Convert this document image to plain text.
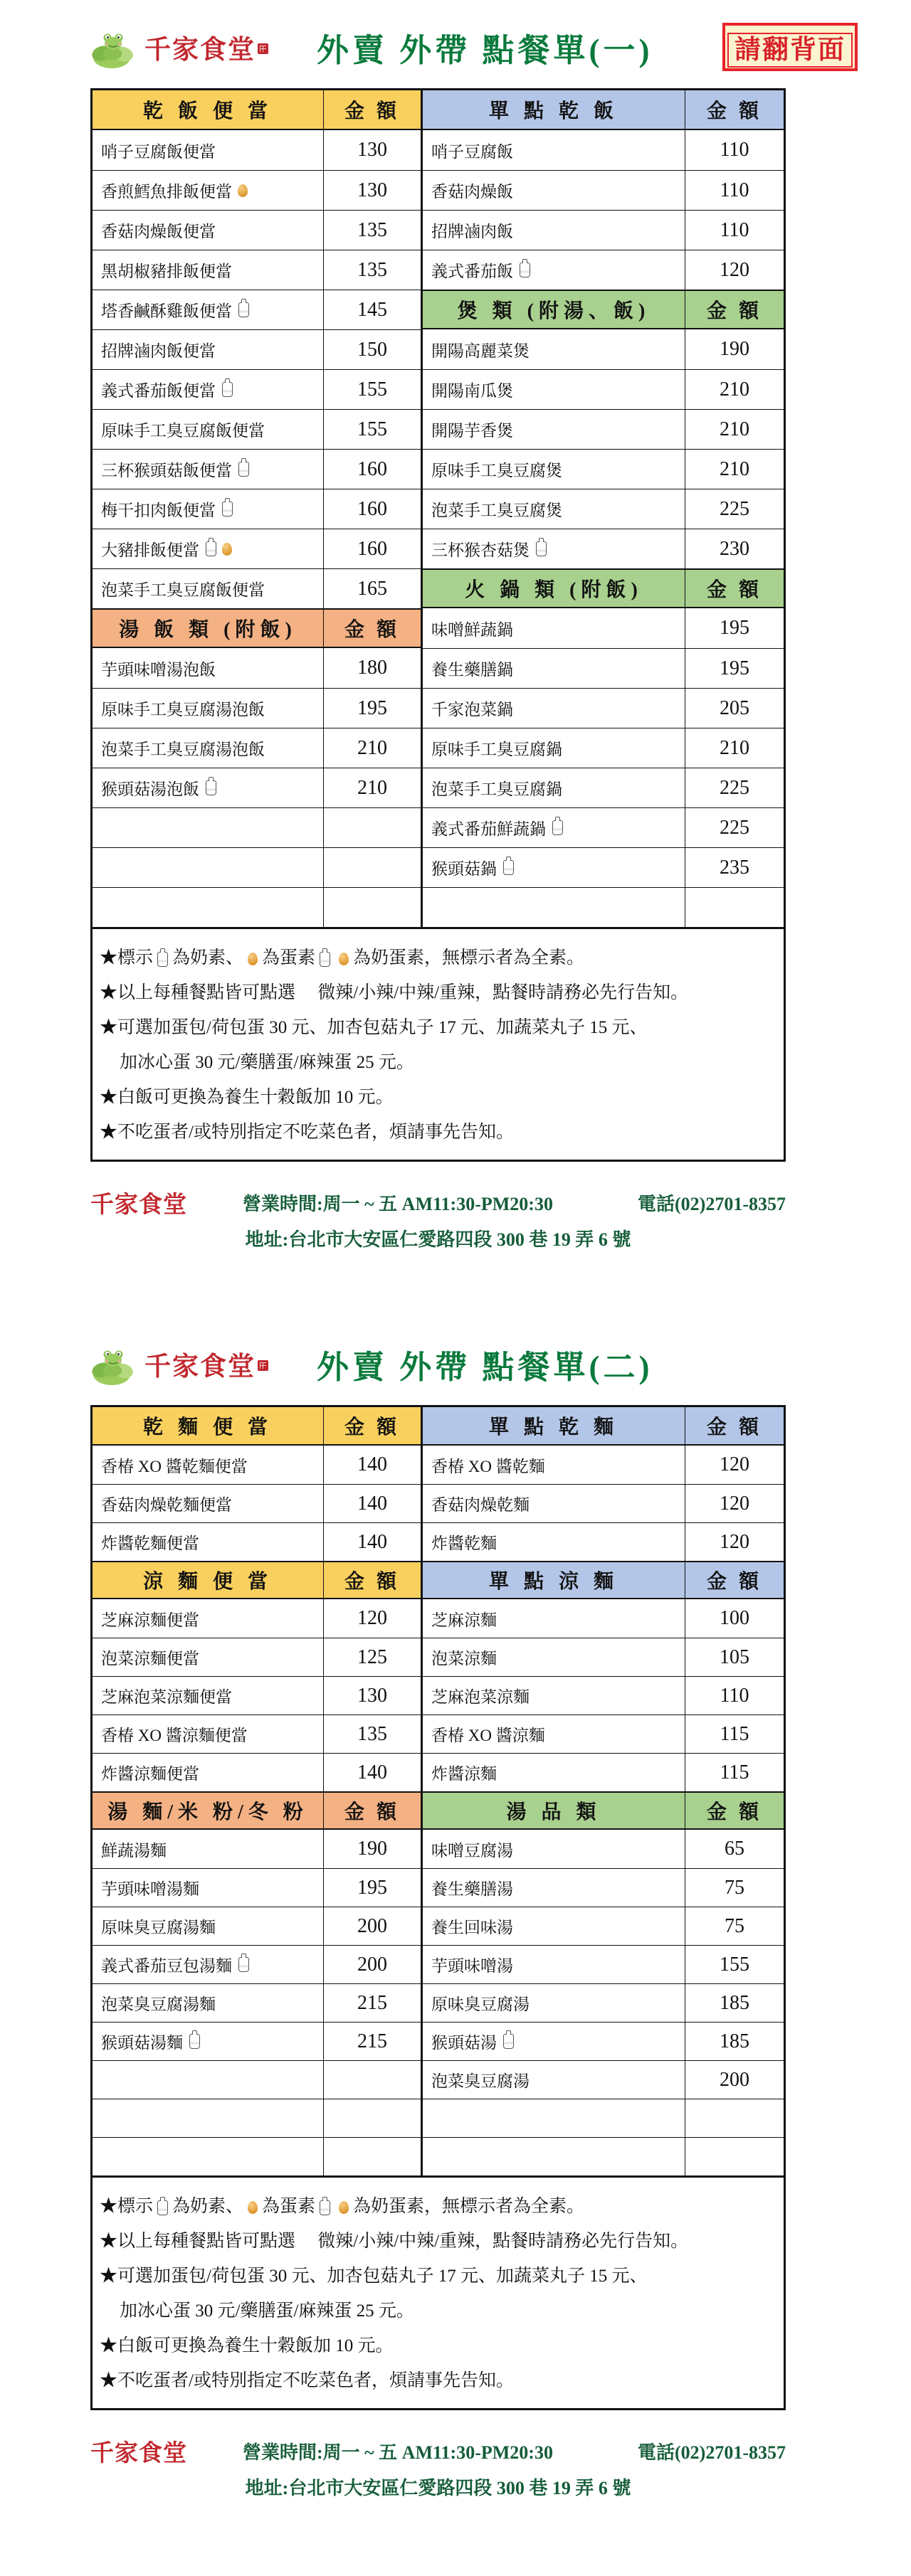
千家食堂 外賣 外帶 點餐單(一)	請翻背面
乾 飯 便 當	金 額
哨子豆腐飯便當	130
香煎鱈魚排飯便當	130
香菇肉燥飯便當	135
黑胡椒豬排飯便當	135
塔香鹹酥雞飯便當	145
招牌滷肉飯便當	150
義式番茄飯便當	155
原味手工臭豆腐飯便當	155
三杯猴頭菇飯便當	160
梅干扣肉飯便當	160
大豬排飯便當	160
泡菜手工臭豆腐飯便當	165
湯 飯 類 (附飯)	金 額
芋頭味噌湯泡飯	180
原味手工臭豆腐湯泡飯	195
泡菜手工臭豆腐湯泡飯	210
猴頭菇湯泡飯	210
單 點 乾 飯	金 額
哨子豆腐飯	110
香菇肉燥飯	110
招牌滷肉飯	110
義式番茄飯	120
煲 類 (附湯、飯)	金 額
開陽高麗菜煲	190
開陽南瓜煲	210
開陽芋香煲	210
原味手工臭豆腐煲	210
泡菜手工臭豆腐煲	225
三杯猴杏菇煲	230
火 鍋 類 (附飯)	金 額
味噌鮮蔬鍋	195
養生藥膳鍋	195
千家泡菜鍋	205
原味手工臭豆腐鍋	210
泡菜手工臭豆腐鍋	225
義式番茄鮮蔬鍋	225
猴頭菇鍋	235
★標示 為奶素、 為蛋素 為奶蛋素，無標示者為全素。
★以上每種餐點皆可點選　 微辣/小辣/中辣/重辣，點餐時請務必先行告知。
★可選加蛋包/荷包蛋 30 元、加杏包菇丸子 17 元、加蔬菜丸子 15 元、
加冰心蛋 30 元/藥膳蛋/麻辣蛋 25 元。
★白飯可更換為養生十穀飯加 10 元。
★不吃蛋者/或特別指定不吃菜色者，煩請事先告知。
千家食堂	營業時間:周一 ~ 五 AM11:30-PM20:30	電話(02)2701-8357
地址:台北市大安區仁愛路四段 300 巷 19 弄 6 號
千家食堂 外賣 外帶 點餐單(二)
乾 麵 便 當	金 額
香椿 XO 醬乾麵便當	140
香菇肉燥乾麵便當	140
炸醬乾麵便當	140
涼 麵 便 當	金 額
芝麻涼麵便當	120
泡菜涼麵便當	125
芝麻泡菜涼麵便當	130
香椿 XO 醬涼麵便當	135
炸醬涼麵便當	140
湯 麵/米 粉/冬 粉	金 額
鮮蔬湯麵	190
芋頭味噌湯麵	195
原味臭豆腐湯麵	200
義式番茄豆包湯麵	200
泡菜臭豆腐湯麵	215
猴頭菇湯麵	215
單 點 乾 麵	金 額
香椿 XO 醬乾麵	120
香菇肉燥乾麵	120
炸醬乾麵	120
單 點 涼 麵	金 額
芝麻涼麵	100
泡菜涼麵	105
芝麻泡菜涼麵	110
香椿 XO 醬涼麵	115
炸醬涼麵	115
湯 品 類	金 額
味噌豆腐湯	65
養生藥膳湯	75
養生回味湯	75
芋頭味噌湯	155
原味臭豆腐湯	185
猴頭菇湯	185
泡菜臭豆腐湯	200
★標示 為奶素、 為蛋素 為奶蛋素，無標示者為全素。
★以上每種餐點皆可點選　 微辣/小辣/中辣/重辣，點餐時請務必先行告知。
★可選加蛋包/荷包蛋 30 元、加杏包菇丸子 17 元、加蔬菜丸子 15 元、
加冰心蛋 30 元/藥膳蛋/麻辣蛋 25 元。
★白飯可更換為養生十穀飯加 10 元。
★不吃蛋者/或特別指定不吃菜色者，煩請事先告知。
千家食堂	營業時間:周一 ~ 五 AM11:30-PM20:30	電話(02)2701-8357
地址:台北市大安區仁愛路四段 300 巷 19 弄 6 號
